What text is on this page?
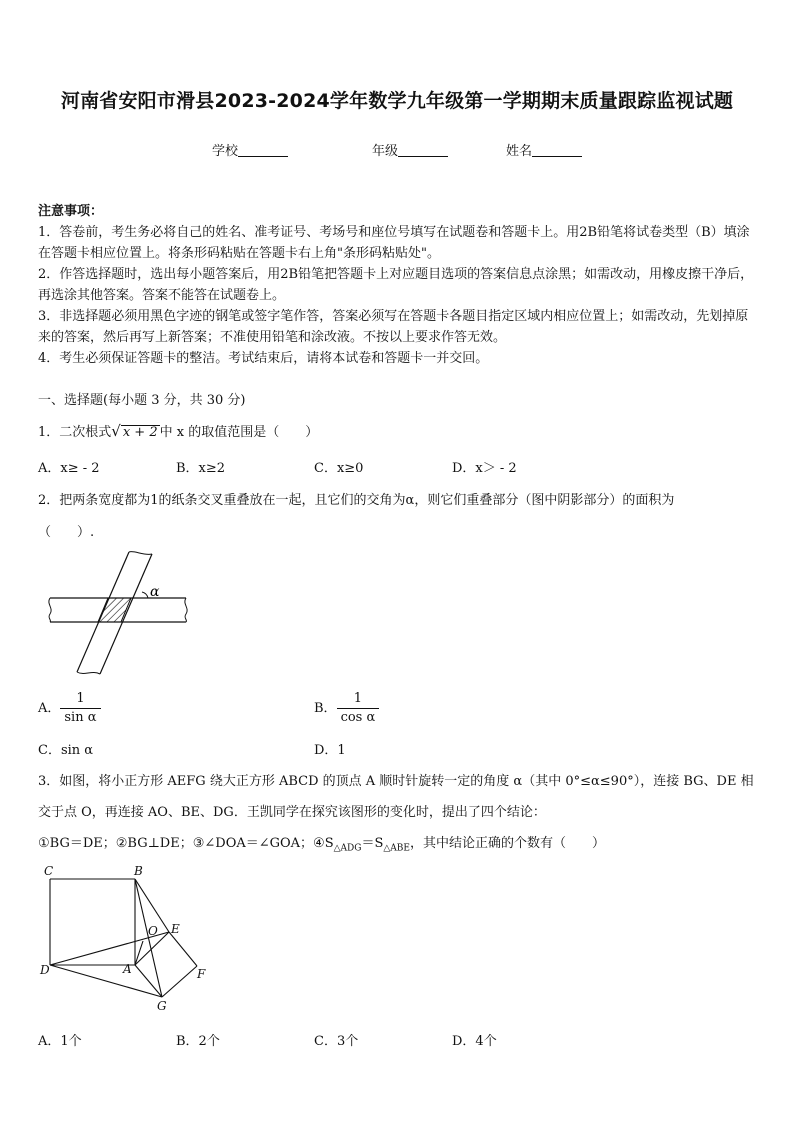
河南省安阳市滑县2023-2024学年数学九年级第一学期期末质量跟踪监视试题
学校	年级	姓名

注意事项：

1．答卷前，考生务必将自己的姓名、准考证号、考场号和座位号填写在试题卷和答题卡上。用2B铅笔将试卷类型（B）填涂在答题卡相应位置上。将条形码粘贴在答题卡右上角"条形码粘贴处"。

2．作答选择题时，选出每小题答案后，用2B铅笔把答题卡上对应题目选项的答案信息点涂黑；如需改动，用橡皮擦干净后，再选涂其他答案。答案不能答在试题卷上。

3．非选择题必须用黑色字迹的钢笔或签字笔作答，答案必须写在答题卡各题目指定区域内相应位置上；如需改动，先划掉原来的答案，然后再写上新答案；不准使用铅笔和涂改液。不按以上要求作答无效。

4．考生必须保证答题卡的整洁。考试结束后，请将本试卷和答题卡一并交回。

一、选择题(每小题 3 分，共 30 分)
1．二次根式√ x + 2 中 x 的取值范围是（　　）
A．x≥ - 2	B．x≥2	C．x≥0	D．x＞ - 2
2．把两条宽度都为1的纸条交叉重叠放在一起，且它们的交角为α，则它们重叠部分（图中阴影部分）的面积为
（　　）.
α
A． $\frac{1}{\text{sin α}}$	B． $\frac{1}{\text{cos α}}$
C．sin α	D．1
3．如图，将小正方形 AEFG 绕大正方形 ABCD 的顶点 A 顺时针旋转一定的角度 α（其中 0°≤α≤90°），连接 BG、DE 相
交于点 O，再连接 AO、BE、DG．王凯同学在探究该图形的变化时，提出了四个结论：
①BG＝DE；②BG⊥DE；③∠DOA＝∠GOA；$④S_{\triangle ADG}=S_{\triangle ABE}$，其中结论正确的个数有（　　）
C	B
O E
D	A	F
G
A．1个	B．2个	C．3个	D．4个
